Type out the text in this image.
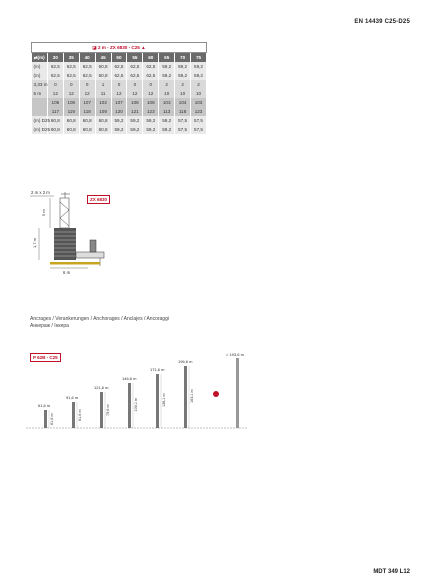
EN 14439 C25-D25
◪ 2 m - ZX 6830 - C25 ▲										
⇄(m)	30	35	40	45	50	55	60	65	70	75
(m)	62,5	62,5	62,5	60,8	62,5	62,5	62,5	59,2	59,2	59,2
(m)	62,5	62,5	62,5	60,8	62,5	62,5	62,5	59,2	59,2	59,2
3,33 m	0	0	0	1	0	0	0	2	2	2
5 m	12	12	12	11	12	12	12	10	10	10
	105	106	107	102	107	108	108	103	104	103
	117	119	118	109	120	121	123	113	118	123
(m) D25	60,8	60,8	60,8	60,8	59,2	59,2	59,2	59,2	57,5	57,5
(m) D25	60,8	60,8	60,8	60,8	59,2	59,2	59,2	59,2	57,5	57,5
2 m x 2 m
5 m
1,7 m
6 m
ZX 6830
Ancrages / Verankerungen / Anchorages / Anclajes / Ancoraggi
Анкераж / Iнкера
P 62B - C25
61,6 m
61,6 m
91,6 m
61,6 m
121,6 m
79,6 m
146,6 m
100,1 m
171,6 m
138,1 m
196,6 m
163,1 m
> 193,6 m
MDT 349 L12
